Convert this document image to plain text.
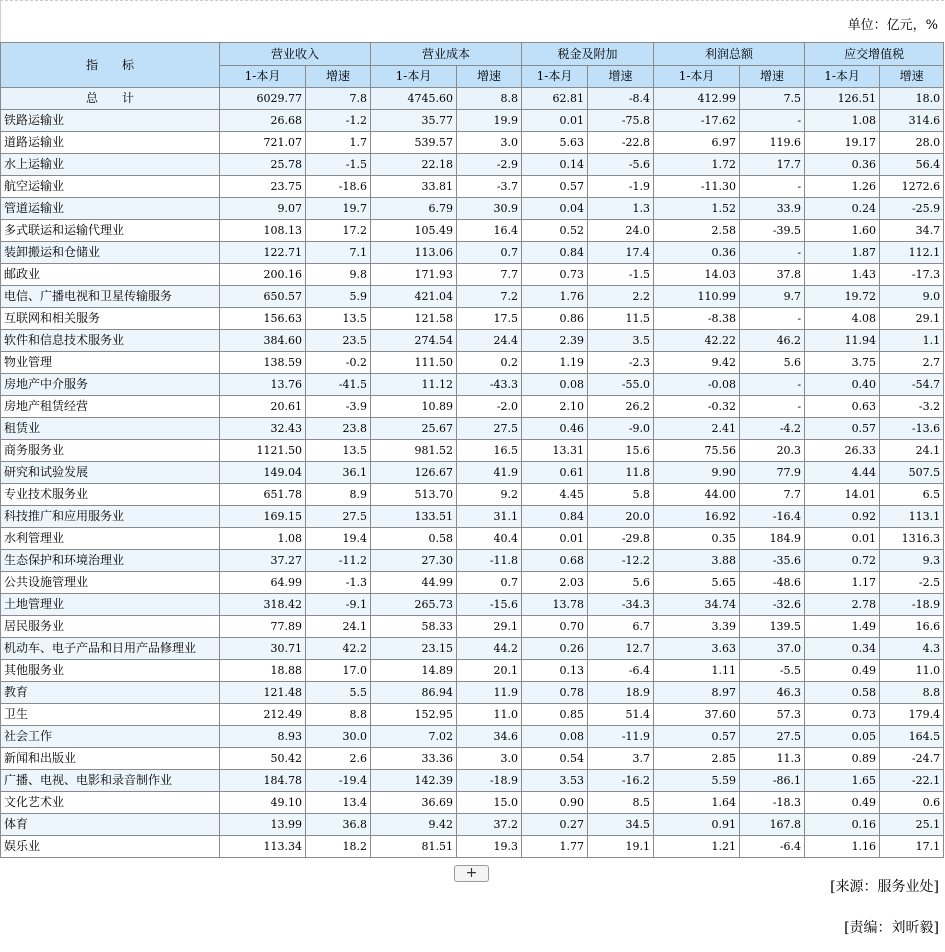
单位：亿元，%
指　　标	营业收入		营业成本		税金及附加		利润总额		应交增值税	
	1-本月	增速	1-本月	增速	1-本月	增速	1-本月	增速	1-本月	增速
总　　计	6029.77	7.8	4745.60	8.8	62.81	-8.4	412.99	7.5	126.51	18.0
铁路运输业	26.68	-1.2	35.77	19.9	0.01	-75.8	-17.62	-	1.08	314.6
道路运输业	721.07	1.7	539.57	3.0	5.63	-22.8	6.97	119.6	19.17	28.0
水上运输业	25.78	-1.5	22.18	-2.9	0.14	-5.6	1.72	17.7	0.36	56.4
航空运输业	23.75	-18.6	33.81	-3.7	0.57	-1.9	-11.30	-	1.26	1272.6
管道运输业	9.07	19.7	6.79	30.9	0.04	1.3	1.52	33.9	0.24	-25.9
多式联运和运输代理业	108.13	17.2	105.49	16.4	0.52	24.0	2.58	-39.5	1.60	34.7
装卸搬运和仓储业	122.71	7.1	113.06	0.7	0.84	17.4	0.36	-	1.87	112.1
邮政业	200.16	9.8	171.93	7.7	0.73	-1.5	14.03	37.8	1.43	-17.3
电信、广播电视和卫星传输服务	650.57	5.9	421.04	7.2	1.76	2.2	110.99	9.7	19.72	9.0
互联网和相关服务	156.63	13.5	121.58	17.5	0.86	11.5	-8.38	-	4.08	29.1
软件和信息技术服务业	384.60	23.5	274.54	24.4	2.39	3.5	42.22	46.2	11.94	1.1
物业管理	138.59	-0.2	111.50	0.2	1.19	-2.3	9.42	5.6	3.75	2.7
房地产中介服务	13.76	-41.5	11.12	-43.3	0.08	-55.0	-0.08	-	0.40	-54.7
房地产租赁经营	20.61	-3.9	10.89	-2.0	2.10	26.2	-0.32	-	0.63	-3.2
租赁业	32.43	23.8	25.67	27.5	0.46	-9.0	2.41	-4.2	0.57	-13.6
商务服务业	1121.50	13.5	981.52	16.5	13.31	15.6	75.56	20.3	26.33	24.1
研究和试验发展	149.04	36.1	126.67	41.9	0.61	11.8	9.90	77.9	4.44	507.5
专业技术服务业	651.78	8.9	513.70	9.2	4.45	5.8	44.00	7.7	14.01	6.5
科技推广和应用服务业	169.15	27.5	133.51	31.1	0.84	20.0	16.92	-16.4	0.92	113.1
水利管理业	1.08	19.4	0.58	40.4	0.01	-29.8	0.35	184.9	0.01	1316.3
生态保护和环境治理业	37.27	-11.2	27.30	-11.8	0.68	-12.2	3.88	-35.6	0.72	9.3
公共设施管理业	64.99	-1.3	44.99	0.7	2.03	5.6	5.65	-48.6	1.17	-2.5
土地管理业	318.42	-9.1	265.73	-15.6	13.78	-34.3	34.74	-32.6	2.78	-18.9
居民服务业	77.89	24.1	58.33	29.1	0.70	6.7	3.39	139.5	1.49	16.6
机动车、电子产品和日用产品修理业	30.71	42.2	23.15	44.2	0.26	12.7	3.63	37.0	0.34	4.3
其他服务业	18.88	17.0	14.89	20.1	0.13	-6.4	1.11	-5.5	0.49	11.0
教育	121.48	5.5	86.94	11.9	0.78	18.9	8.97	46.3	0.58	8.8
卫生	212.49	8.8	152.95	11.0	0.85	51.4	37.60	57.3	0.73	179.4
社会工作	8.93	30.0	7.02	34.6	0.08	-11.9	0.57	27.5	0.05	164.5
新闻和出版业	50.42	2.6	33.36	3.0	0.54	3.7	2.85	11.3	0.89	-24.7
广播、电视、电影和录音制作业	184.78	-19.4	142.39	-18.9	3.53	-16.2	5.59	-86.1	1.65	-22.1
文化艺术业	49.10	13.4	36.69	15.0	0.90	8.5	1.64	-18.3	0.49	0.6
体育	13.99	36.8	9.42	37.2	0.27	34.5	0.91	167.8	0.16	25.1
娱乐业	113.34	18.2	81.51	19.3	1.77	19.1	1.21	-6.4	1.16	17.1
+
[来源：服务业处]
[责编：刘昕毅]
